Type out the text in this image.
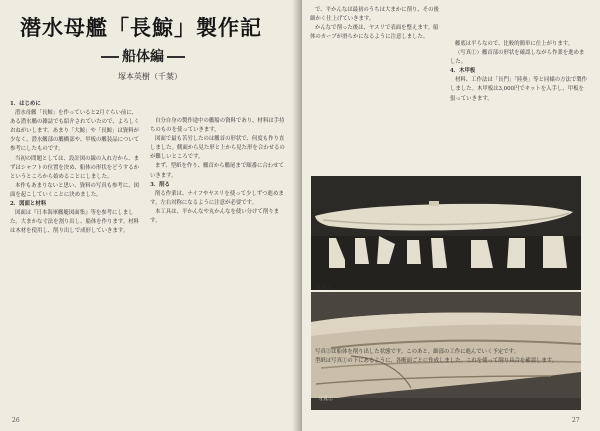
潜水母艦「長鯨」製作記
船体編
塚本英樹（千葉）

1．はじめに

潜水母艦「長鯨」を作っていると2月ぐらい前に、ある潜水艦の雑誌でも紹介されていたので、よろしくおねがいします。あまり「大鯨」や「長鯨」は資料が少なく、潜水艦部の艦橋部や、甲板の艦装品について参考にしたものです。

当初の問題としては、設計図の線の入れ方から、まずはシャフトの位置を決め、船体の形状をどうするかというところから始めることにしました。

本作もあまりないと思い、資料の写真も参考に、図面を起こしていくことに決めました。

2．図面と材料

図面は『日本海軍艦艇図面集』等を参考にしました。大まかな寸法を割り出し、船体を作ります。材料は木材を使用し、削り出しで成形していきます。

自分自身の製作途中の艦船の資料であり、材料は手持ちのものを使っていきます。

図面で最も苦労したのは艦首の形状で、何度も作り直しました。側面から見た形と上から見た形を合わせるのが難しいところです。

まず、型紙を作り、艦首から艦尾まで順番に合わせていきます。

3．削る

削る作業は、ナイフやヤスリを使って少しずつ進めます。左右対称になるように注意が必要です。

本工具は、平かんなや丸かんなを使い分けて削ります。

26

で、平かんなは最初のうちは大まかに削り、その後細かく仕上げていきます。

かんなで削った後は、ヤスリで表面を整えます。船体のカーブが滑らかになるように注意しました。

艦底は平らなので、比較的簡単に仕上がります。

（写真①）艦首部の形状を確認しながら作業を進めました。

4．木甲板

材料、工作法は「長門」「陸奥」等と同様の方法で製作しました。木甲板は3,000円でキットを入手し、甲板を張っていきます。

写真①
写真②

写真②は船体を削り出した状態です。このあと、細部の工作に進んでいく予定です。

型紙は写真①の下にあるように、各断面ごとに作成しました。これを使って削り具合を確認します。

27
